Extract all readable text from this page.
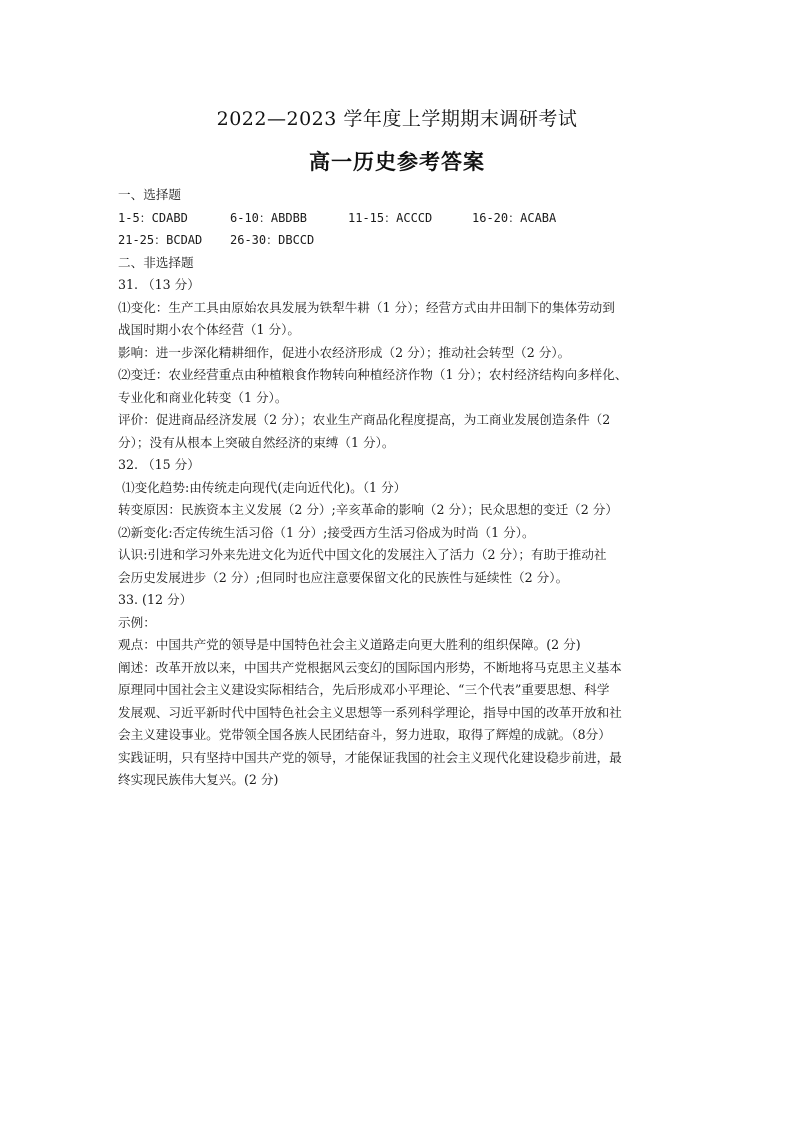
2022—2023 学年度上学期期末调研考试
高一历史参考答案
一、选择题
1-5：CDABD	6-10：ABDBB	11-15：ACCCD	16-20：ACABA
21-25：BCDAD	26-30：DBCCD
二、非选择题
31. （13 分）
⑴变化：生产工具由原始农具发展为铁犁牛耕（1 分）；经营方式由井田制下的集体劳动到
战国时期小农个体经营（1 分）。
影响：进一步深化精耕细作，促进小农经济形成（2 分）；推动社会转型（2 分）。
⑵变迁：农业经营重点由种植粮食作物转向种植经济作物（1 分）；农村经济结构向多样化、
专业化和商业化转变（1 分）。
评价：促进商品经济发展（2 分）；农业生产商品化程度提高，为工商业发展创造条件（2
分）；没有从根本上突破自然经济的束缚（1 分）。
32. （15 分）
⑴变化趋势:由传统走向现代(走向近代化)。（1 分）
转变原因：民族资本主义发展（2 分）;辛亥革命的影响（2 分）；民众思想的变迁（2 分）
⑵新变化:否定传统生活习俗（1 分）;接受西方生活习俗成为时尚（1 分）。
认识:引进和学习外来先进文化为近代中国文化的发展注入了活力（2 分）；有助于推动社
会历史发展进步（2 分）;但同时也应注意要保留文化的民族性与延续性（2 分）。
33. (12 分）
示例：
观点：中国共产党的领导是中国特色社会主义道路走向更大胜利的组织保障。(2 分)
阐述：改革开放以来，中国共产党根据风云变幻的国际国内形势，不断地将马克思主义基本
原理同中国社会主义建设实际相结合，先后形成邓小平理论、“三个代表”重要思想、科学
发展观、习近平新时代中国特色社会主义思想等一系列科学理论，指导中国的改革开放和社
会主义建设事业。党带领全国各族人民团结奋斗，努力进取，取得了辉煌的成就。（8分）
实践证明，只有坚持中国共产党的领导，才能保证我国的社会主义现代化建设稳步前进，最
终实现民族伟大复兴。(2 分)
